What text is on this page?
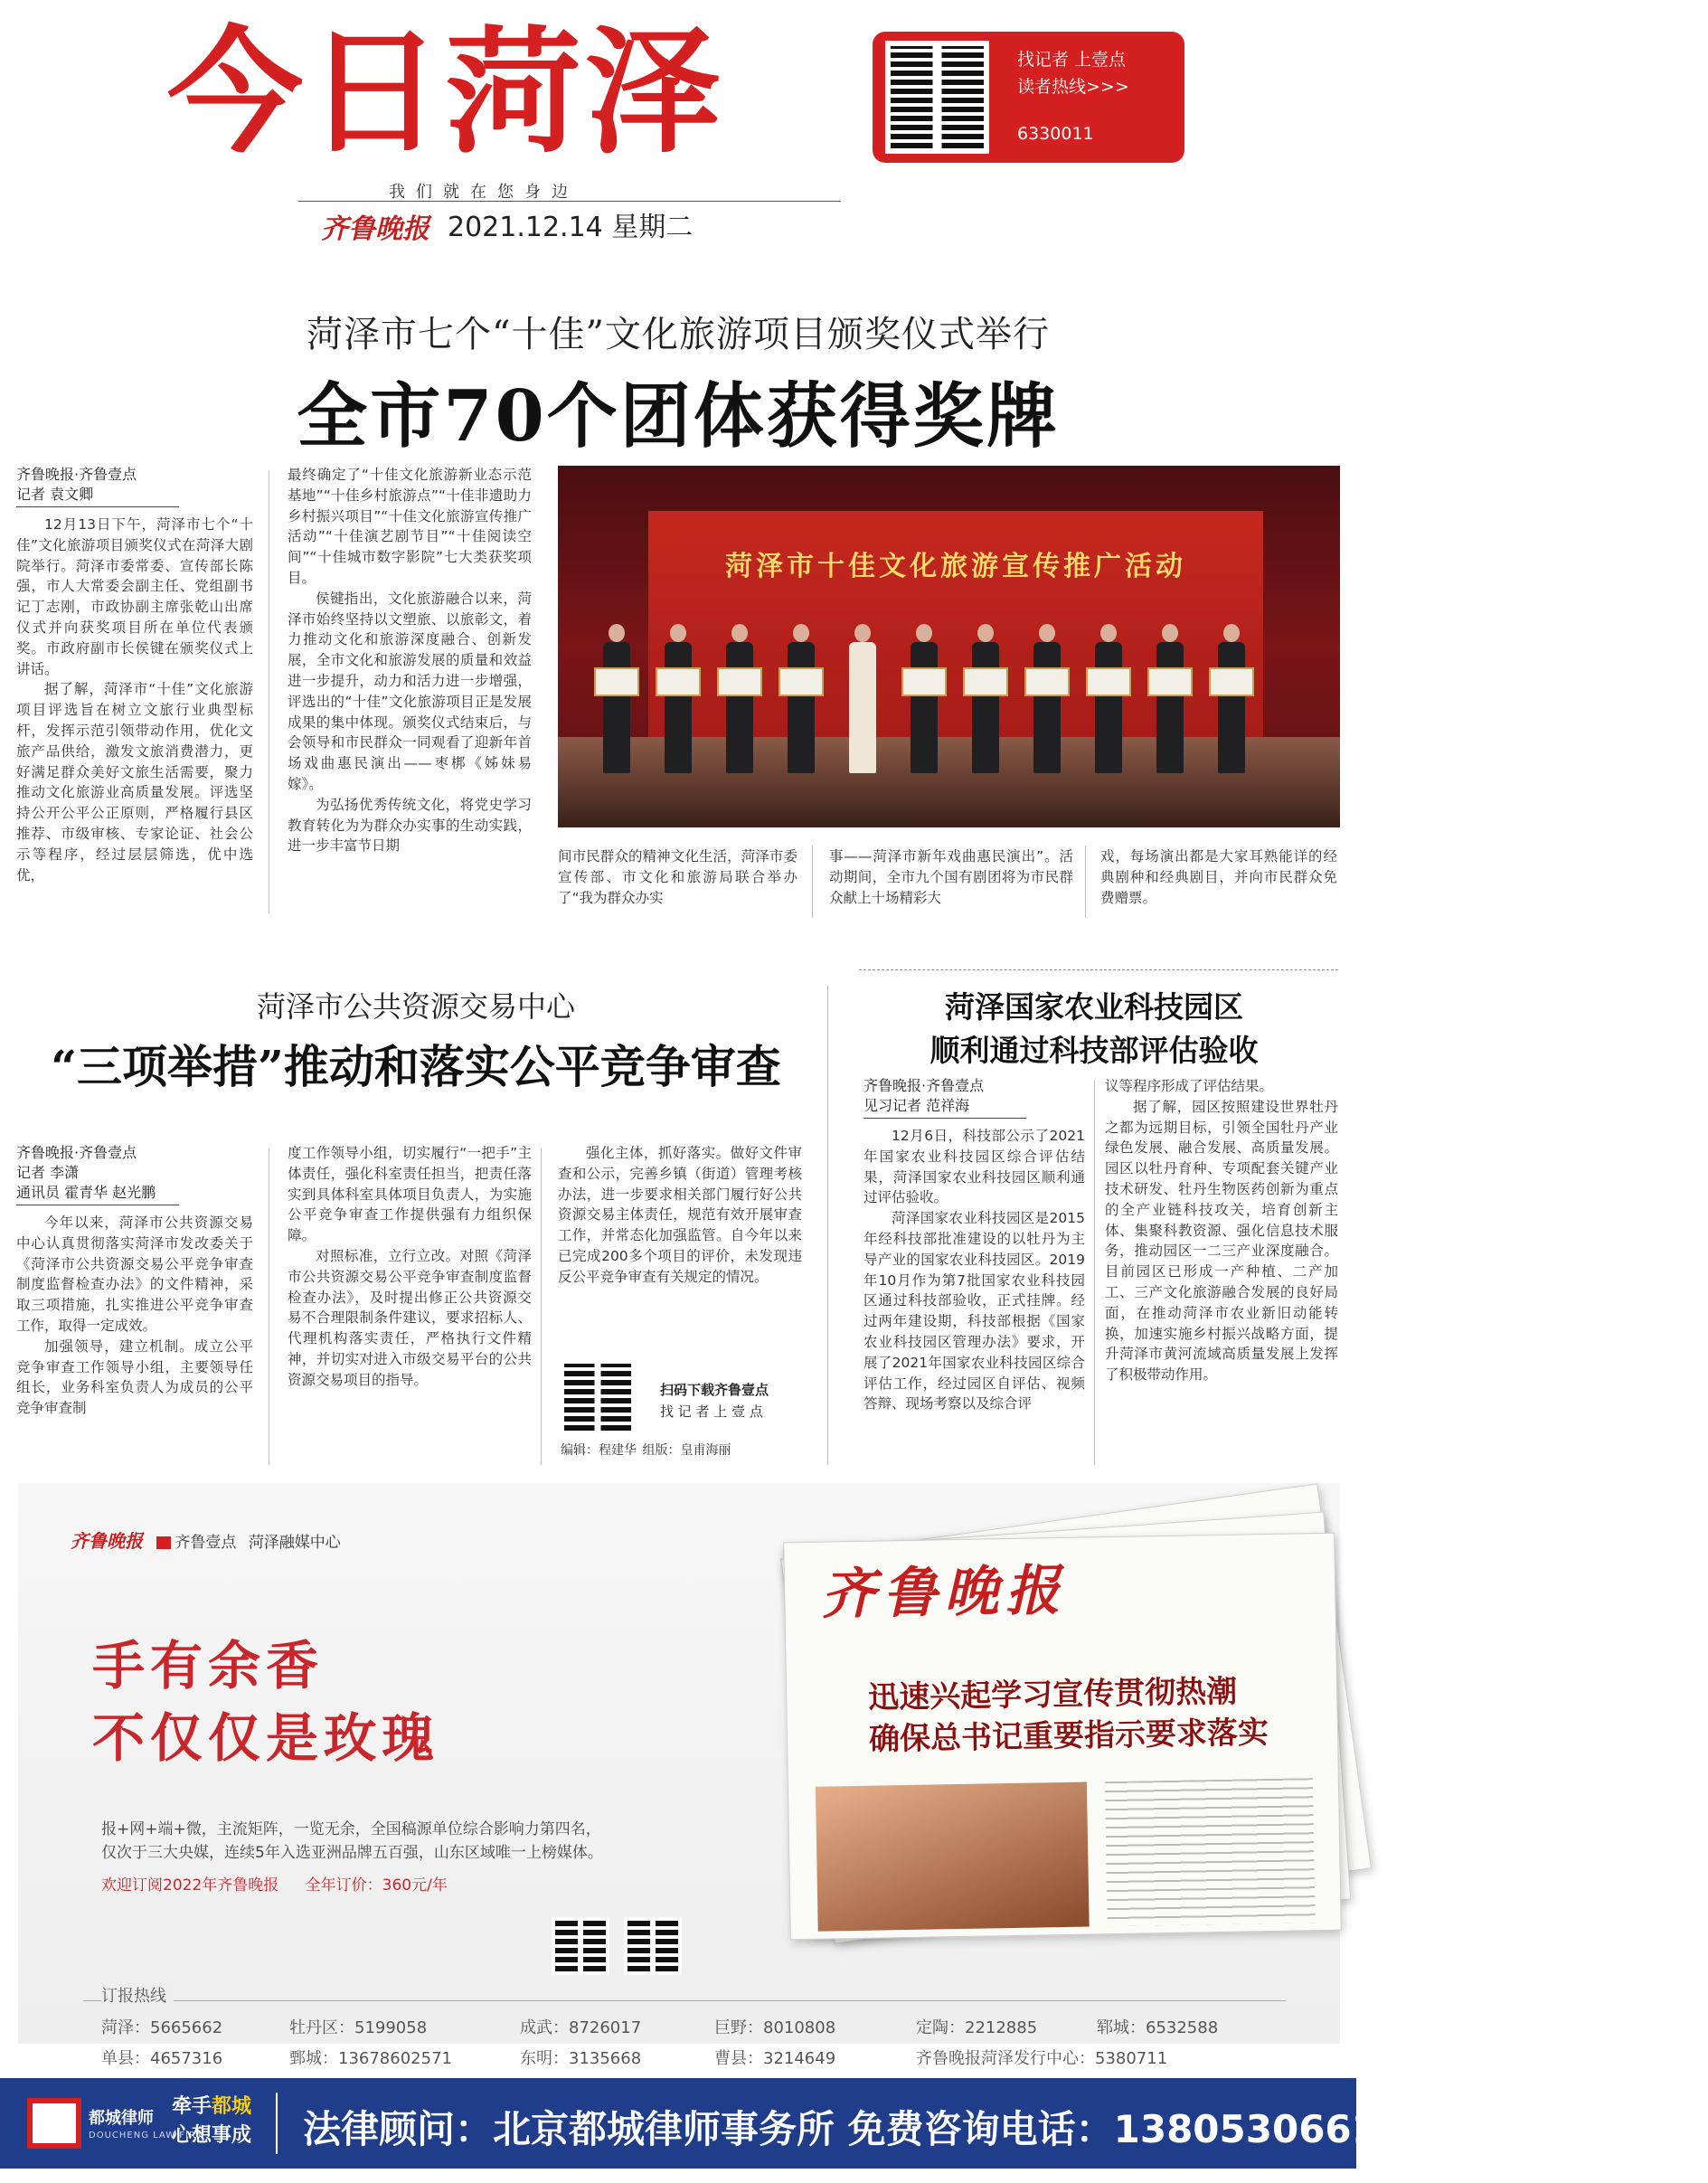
今日菏泽
我们就在您身边
齐鲁晚报 2021.12.14 星期二
找记者 上壹点
读者热线>>>
6330011
菏泽市七个“十佳”文化旅游项目颁奖仪式举行
全市70个团体获得奖牌
齐鲁晚报·齐鲁壹点
记者 袁文卿

12月13日下午，菏泽市七个“十佳”文化旅游项目颁奖仪式在菏泽大剧院举行。菏泽市委常委、宣传部长陈强，市人大常委会副主任、党组副书记丁志刚，市政协副主席张乾山出席仪式并向获奖项目所在单位代表颁奖。市政府副市长侯键在颁奖仪式上讲话。

据了解，菏泽市“十佳”文化旅游项目评选旨在树立文旅行业典型标杆，发挥示范引领带动作用，优化文旅产品供给，激发文旅消费潜力，更好满足群众美好文旅生活需要，聚力推动文化旅游业高质量发展。评选坚持公开公平公正原则，严格履行县区推荐、市级审核、专家论证、社会公示等程序，经过层层筛选，优中选优，

最终确定了“十佳文化旅游新业态示范基地”“十佳乡村旅游点”“十佳非遗助力乡村振兴项目”“十佳文化旅游宣传推广活动”“十佳演艺剧节目”“十佳阅读空间”“十佳城市数字影院”七大类获奖项目。

侯键指出，文化旅游融合以来，菏泽市始终坚持以文塑旅、以旅彰文，着力推动文化和旅游深度融合、创新发展，全市文化和旅游发展的质量和效益进一步提升，动力和活力进一步增强，评选出的“十佳”文化旅游项目正是发展成果的集中体现。颁奖仪式结束后，与会领导和市民群众一同观看了迎新年首场戏曲惠民演出——枣梆《姊妹易嫁》。

为弘扬优秀传统文化，将党史学习教育转化为为群众办实事的生动实践，进一步丰富节日期

菏泽市十佳文化旅游宣传推广活动
间市民群众的精神文化生活，菏泽市委宣传部、市文化和旅游局联合举办了“我为群众办实
事——菏泽市新年戏曲惠民演出”。活动期间，全市九个国有剧团将为市民群众献上十场精彩大
戏，每场演出都是大家耳熟能详的经典剧种和经典剧目，并向市民群众免费赠票。
菏泽市公共资源交易中心
“三项举措”推动和落实公平竞争审查
齐鲁晚报·齐鲁壹点
记者 李潇
通讯员 霍青华 赵光鹏

今年以来，菏泽市公共资源交易中心认真贯彻落实菏泽市发改委关于《菏泽市公共资源交易公平竞争审查制度监督检查办法》的文件精神，采取三项措施，扎实推进公平竞争审查工作，取得一定成效。

加强领导，建立机制。成立公平竞争审查工作领导小组，主要领导任组长，业务科室负责人为成员的公平竞争审查制

度工作领导小组，切实履行“一把手”主体责任，强化科室责任担当，把责任落实到具体科室具体项目负责人，为实施公平竞争审查工作提供强有力组织保障。

对照标准，立行立改。对照《菏泽市公共资源交易公平竞争审查制度监督检查办法》，及时提出修正公共资源交易不合理限制条件建议，要求招标人、代理机构落实责任，严格执行文件精神，并切实对进入市级交易平台的公共资源交易项目的指导。

强化主体，抓好落实。做好文件审查和公示，完善乡镇（街道）管理考核办法，进一步要求相关部门履行好公共资源交易主体责任，规范有效开展审查工作，并常态化加强监管。自今年以来已完成200多个项目的评价，未发现违反公平竞争审查有关规定的情况。

扫码下载齐鲁壹点
找 记 者 上 壹 点
编辑：程建华 组版：皇甫海丽
菏泽国家农业科技园区
顺利通过科技部评估验收
齐鲁晚报·齐鲁壹点
见习记者 范祥海

12月6日，科技部公示了2021年国家农业科技园区综合评估结果，菏泽国家农业科技园区顺利通过评估验收。

菏泽国家农业科技园区是2015年经科技部批准建设的以牡丹为主导产业的国家农业科技园区。2019年10月作为第7批国家农业科技园区通过科技部验收，正式挂牌。经过两年建设期，科技部根据《国家农业科技园区管理办法》要求，开展了2021年国家农业科技园区综合评估工作，经过园区自评估、视频答辩、现场考察以及综合评

议等程序形成了评估结果。

据了解，园区按照建设世界牡丹之都为远期目标，引领全国牡丹产业绿色发展、融合发展、高质量发展。园区以牡丹育种、专项配套关键产业技术研发、牡丹生物医药创新为重点的全产业链科技攻关，培育创新主体、集聚科教资源、强化信息技术服务，推动园区一二三产业深度融合。目前园区已形成一产种植、二产加工、三产文化旅游融合发展的良好局面，在推动菏泽市农业新旧动能转换，加速实施乡村振兴战略方面，提升菏泽市黄河流域高质量发展上发挥了积极带动作用。

齐鲁晚报
迅速兴起学习宣传贯彻热潮
确保总书记重要指示要求落实
齐鲁晚报 齐鲁壹点 菏泽融媒中心
手有余香
不仅仅是玫瑰
报+网+端+微，主流矩阵，一览无余，全国稿源单位综合影响力第四名，
仅次于三大央媒，连续5年入选亚洲品牌五百强，山东区域唯一上榜媒体。
欢迎订阅2022年齐鲁晚报 全年订价：360元/年
订报热线
菏泽：5665662	牡丹区：5199058	成武：8726017	巨野：8010808	定陶：2212885	郓城：6532588
单县：4657316	鄄城：13678602571	东明：3135668	曹县：3214649	齐鲁晚报菏泽发行中心：5380711
都城律师
DOUCHENG LAW FIRM
牵手都城
心想事成 法律顾问：北京都城律师事务所 免费咨询电话：13805306613 13801106613
